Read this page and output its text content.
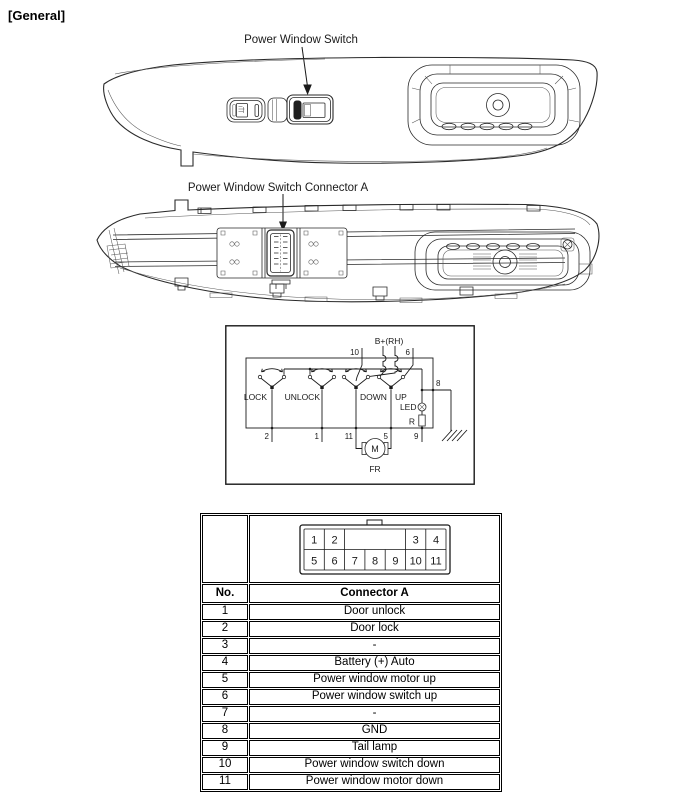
[General]
Power Window Switch
Power Window Switch Connector A
B+(RH)
10	6
LOCK
2
UNLOCK
1
DOWN
11
UP
5
LED
R
9
8
M
FR

1 2	3 4
5 6 7 8 9 10 11

No.	Connector A
1	Door unlock
2	Door lock
3	-
4	Battery (+) Auto
5	Power window motor up
6	Power window switch up
7	-
8	GND
9	Tail lamp
10	Power window switch down
11	Power window motor down
